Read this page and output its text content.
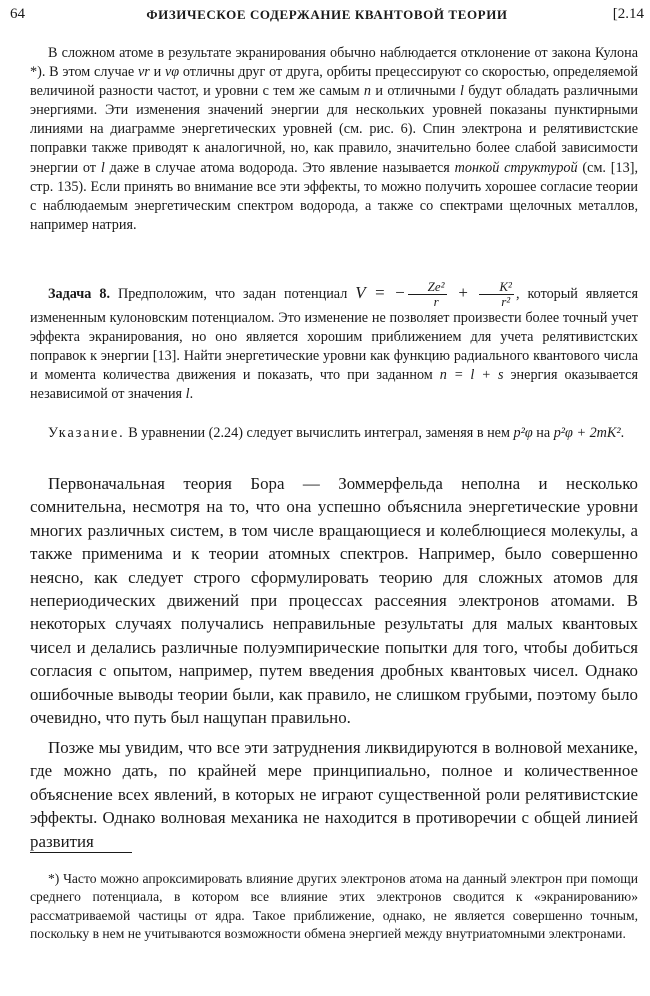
64	ФИЗИЧЕСКОЕ СОДЕРЖАНИЕ КВАНТОВОЙ ТЕОРИИ	[2.14

В сложном атоме в результате экранирования обычно наблюдается отклонение от закона Кулона *). В этом случае νr и νφ отличны друг от друга, орбиты прецессируют со скоростью, определяемой величиной разности частот, и уровни с тем же самым n и отличными l будут обладать различными энергиями. Эти изменения значений энергии для нескольких уровней показаны пунктирными линиями на диаграмме энергетических уровней (см. рис. 6). Спин электрона и релятивистские поправки также приводят к аналогичной, но, как правило, значительно более слабой зависимости энергии от l даже в случае атома водорода. Это явление называется тонкой структурой (см. [13], стр. 135). Если принять во внимание все эти эффекты, то можно получить хорошее согласие теории с наблюдаемым энергетическим спектром водорода, а также со спектрами щелочных металлов, например натрия.

Задача 8. Предположим, что задан потенциал V = − $\frac{\text{Ze²}}{r} + \frac{\text{K²}}{\text{r²}}$ , который является измененным кулоновским потенциалом. Это изменение не позволяет произвести более точный учет эффекта экранирования, но оно является хорошим приближением для учета релятивистских поправок к энергии [13]. Найти энергетические уровни как функцию радиального квантового числа и момента количества движения и показать, что при заданном n = l + s энергия оказывается независимой от значения l.

Указание. В уравнении (2.24) следует вычислить интеграл, заменяя в нем p²φ на p²φ + 2mK².

Первоначальная теория Бора — Зоммерфельда неполна и несколько сомнительна, несмотря на то, что она успешно объяснила энергетические уровни многих различных систем, в том числе вращающиеся и колеблющиеся молекулы, а также применима и к теории атомных спектров. Например, было совершенно неясно, как следует строго сформулировать теорию для сложных атомов для непериодических движений при процессах рассеяния электронов атомами. В некоторых случаях получались неправильные результаты для малых квантовых чисел и делались различные полуэмпирические попытки для того, чтобы добиться согласия с опытом, например, путем введения дробных квантовых чисел. Однако ошибочные выводы теории были, как правило, не слишком грубыми, поэтому было очевидно, что путь был нащупан правильно.

Позже мы увидим, что все эти затруднения ликвидируются в волновой механике, где можно дать, по крайней мере принципиально, полное и количественное объяснение всех явлений, в которых не играют существенной роли релятивистские эффекты. Однако волновая механика не находится в противоречии с общей линией развития

*) Часто можно апроксимировать влияние других электронов атома на данный электрон при помощи среднего потенциала, в котором все влияние этих электронов сводится к «экранированию» рассматриваемой частицы от ядра. Такое приближение, однако, не является совершенно точным, поскольку в нем не учитываются возможности обмена энергией между внутриатомными электронами.
